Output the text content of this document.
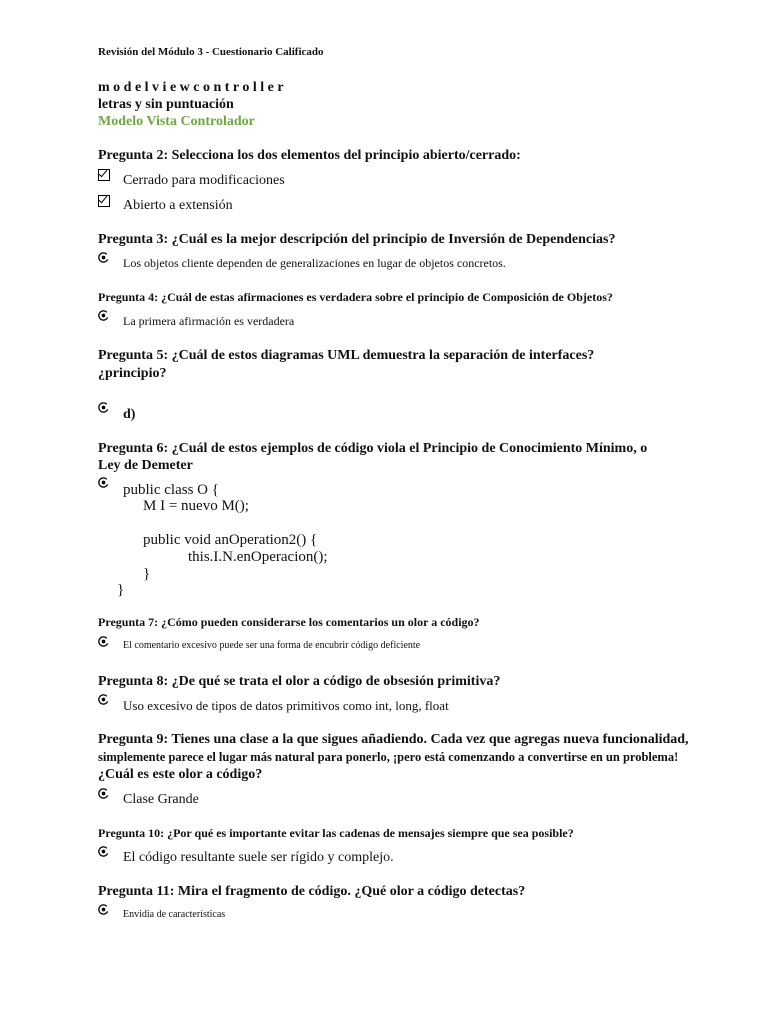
Revisión del Módulo 3 - Cuestionario Calificado
m o d e l v i e w c o n t r o l l e r
letras y sin puntuación
Modelo Vista Controlador
Pregunta 2: Selecciona los dos elementos del principio abierto/cerrado:
Cerrado para modificaciones
Abierto a extensión
Pregunta 3: ¿Cuál es la mejor descripción del principio de Inversión de Dependencias?
Los objetos cliente dependen de generalizaciones en lugar de objetos concretos.
Pregunta 4: ¿Cuál de estas afirmaciones es verdadera sobre el principio de Composición de Objetos?
La primera afirmación es verdadera
Pregunta 5: ¿Cuál de estos diagramas UML demuestra la separación de interfaces?
¿principio?
d)
Pregunta 6: ¿Cuál de estos ejemplos de código viola el Principio de Conocimiento Mínimo, o
Ley de Demeter
public class O {
M I = nuevo M();
public void anOperation2() {
this.I.N.enOperacion();
}
}
Pregunta 7: ¿Cómo pueden considerarse los comentarios un olor a código?
El comentario excesivo puede ser una forma de encubrir código deficiente
Pregunta 8: ¿De qué se trata el olor a código de obsesión primitiva?
Uso excesivo de tipos de datos primitivos como int, long, float
Pregunta 9: Tienes una clase a la que sigues añadiendo. Cada vez que agregas nueva funcionalidad,
simplemente parece el lugar más natural para ponerlo, ¡pero está comenzando a convertirse en un problema!
¿Cuál es este olor a código?
Clase Grande
Pregunta 10: ¿Por qué es importante evitar las cadenas de mensajes siempre que sea posible?
El código resultante suele ser rígido y complejo.
Pregunta 11: Mira el fragmento de código. ¿Qué olor a código detectas?
Envidia de características
